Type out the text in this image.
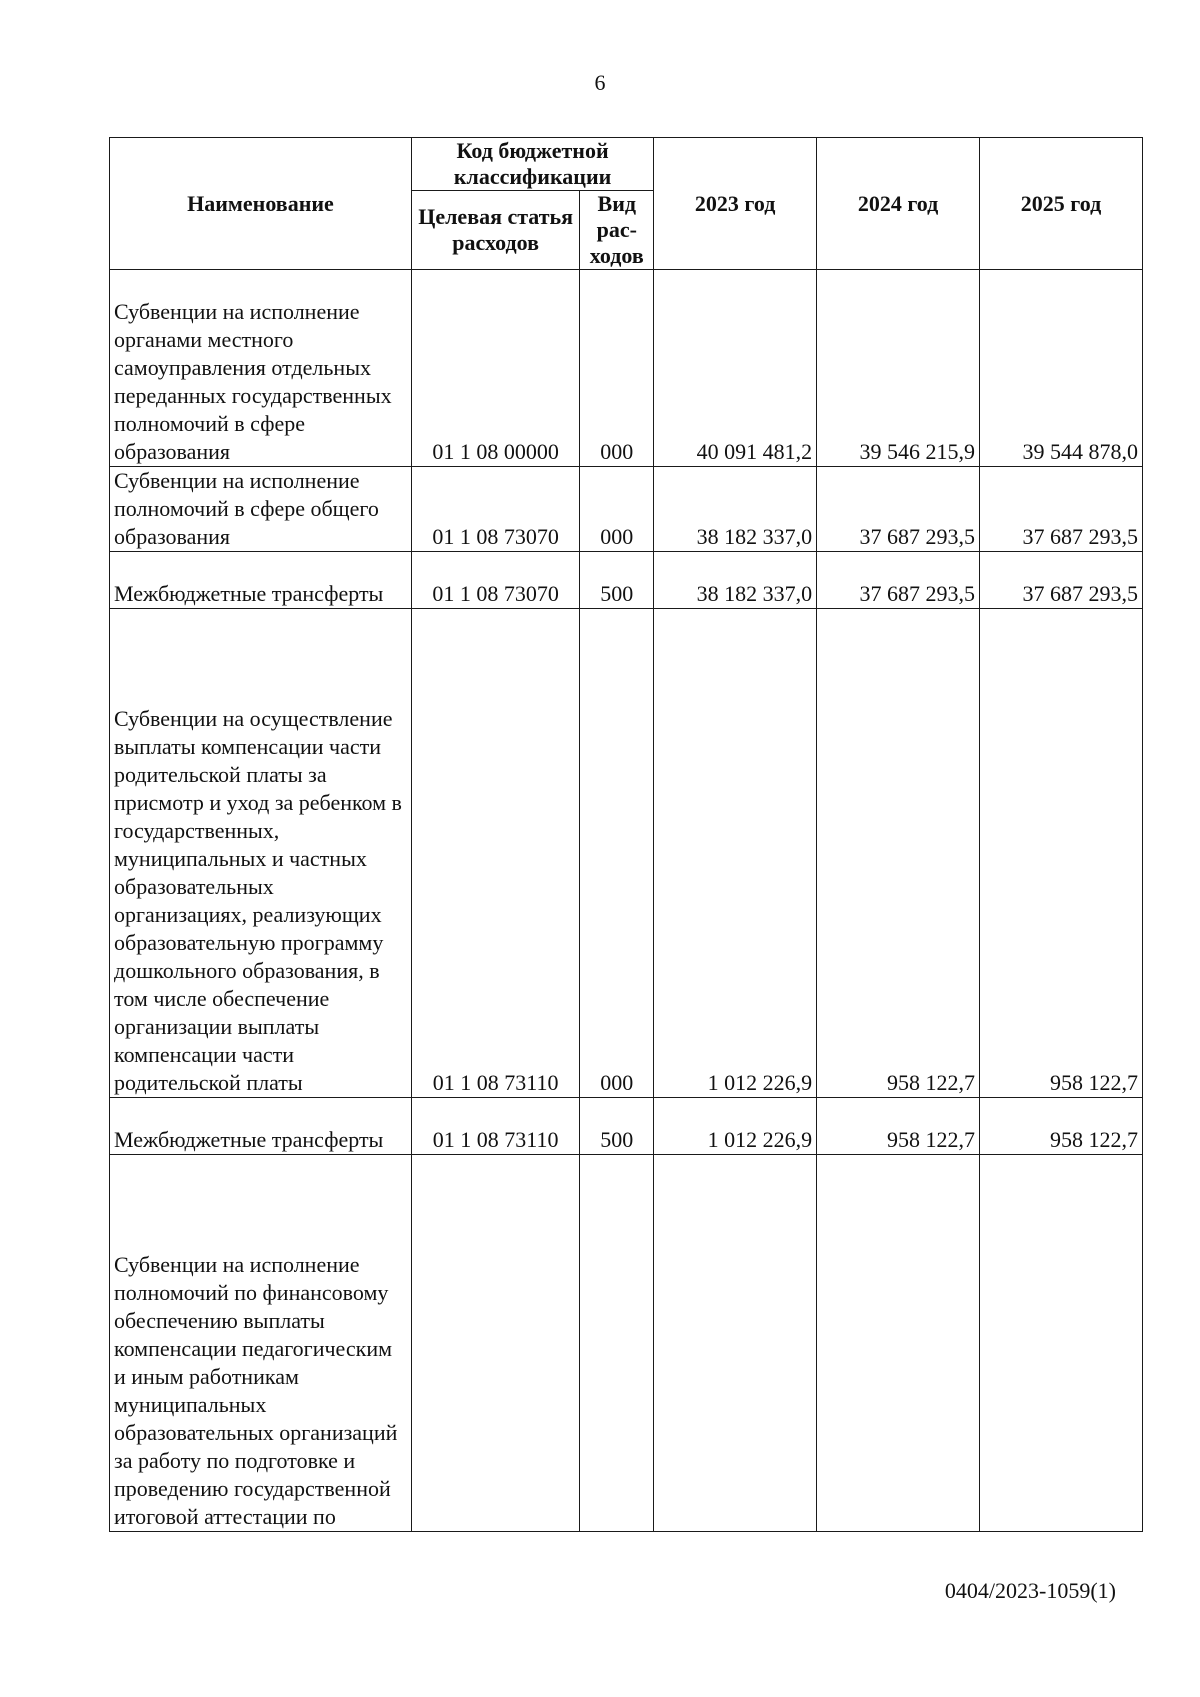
6
Наименование	Код бюджетной классификации		2023 год	2024 год	2025 год
	Целевая статья расходов	Вид рас-ходов			
Субвенции на исполнение органами местного самоуправления отдельных переданных государственных полномочий в сфере образования	01 1 08 00000	000	40 091 481,2	39 546 215,9	39 544 878,0
Субвенции на исполнение полномочий в сфере общего образования	01 1 08 73070	000	38 182 337,0	37 687 293,5	37 687 293,5
Межбюджетные трансферты	01 1 08 73070	500	38 182 337,0	37 687 293,5	37 687 293,5
Субвенции на осуществление выплаты компенсации части родительской платы за присмотр и уход за ребенком в государственных, муниципальных и частных образовательных организациях, реализующих образовательную программу дошкольного образования, в том числе обеспечение организации выплаты компенсации части родительской платы	01 1 08 73110	000	1 012 226,9	958 122,7	958 122,7
Межбюджетные трансферты	01 1 08 73110	500	1 012 226,9	958 122,7	958 122,7
Субвенции на исполнение полномочий по финансовому обеспечению выплаты компенсации педагогическим и иным работникам муниципальных образовательных организаций за работу по подготовке и проведению государственной итоговой аттестации по					
0404/2023-1059(1)
